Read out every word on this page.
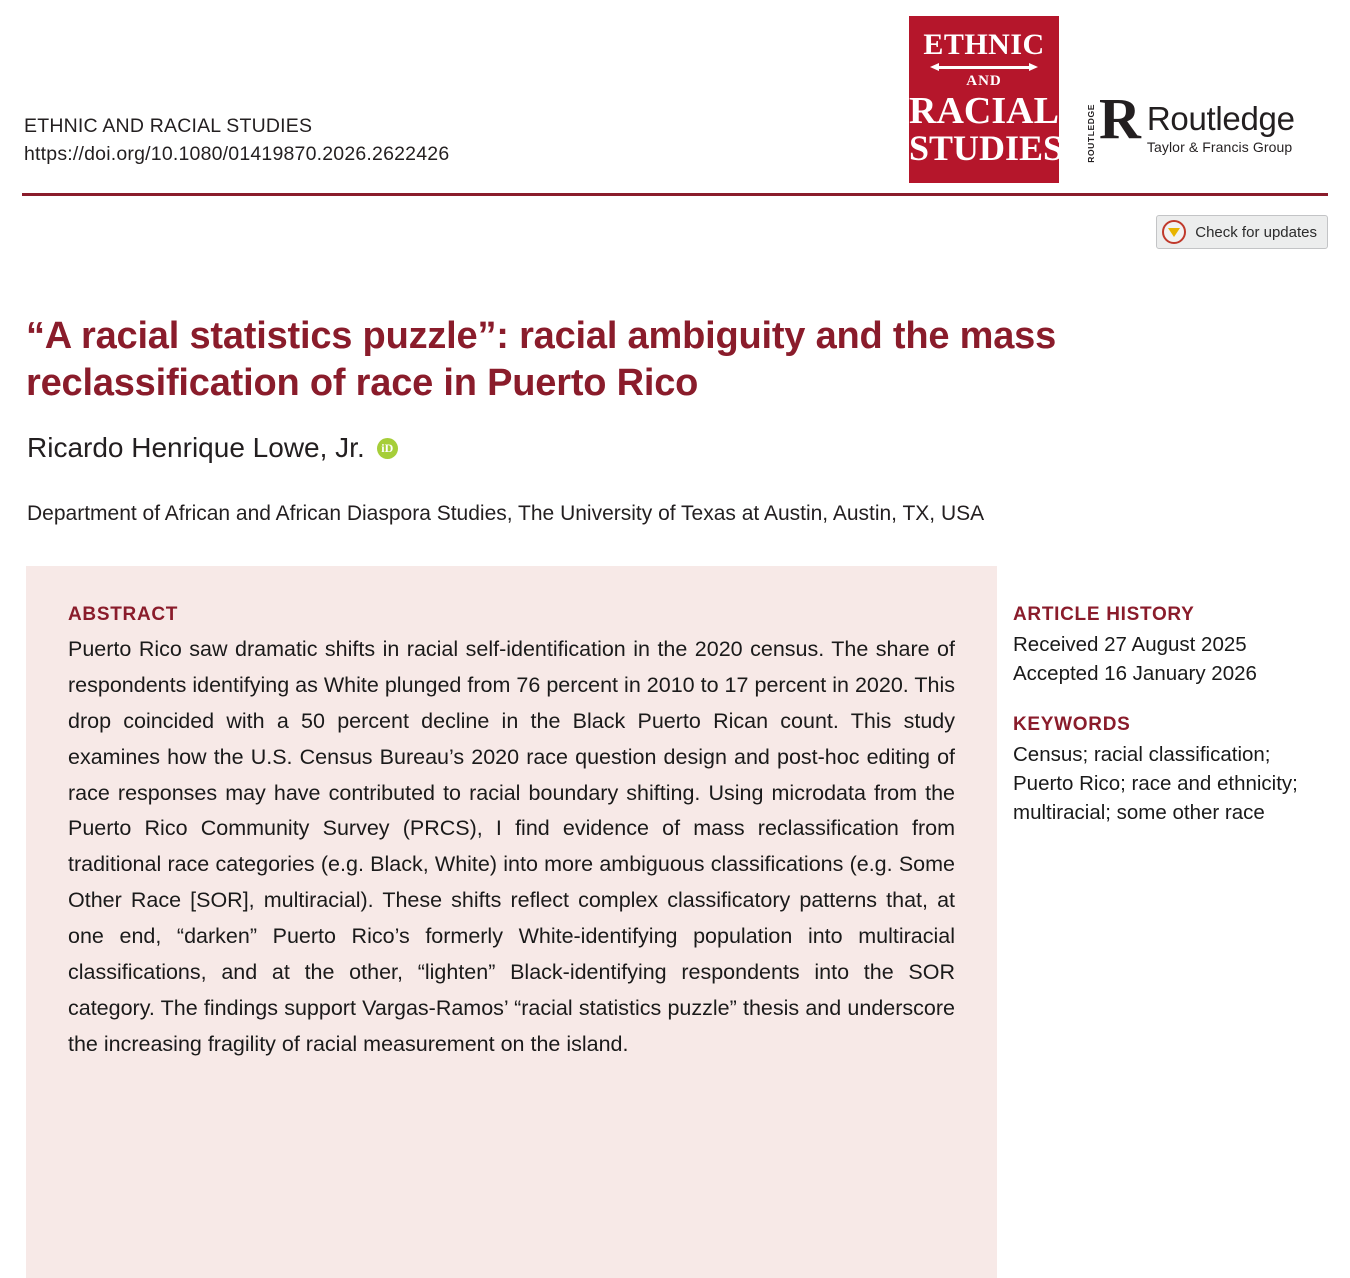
ETHNIC AND RACIAL STUDIES
https://doi.org/10.1080/01419870.2026.2622426
ETHNIC
AND
RACIAL
STUDIES	ROUTLEDGE R Routledge
Taylor & Francis Group
Check for updates
“A racial statistics puzzle”: racial ambiguity and the mass reclassification of race in Puerto Rico
Ricardo Henrique Lowe, Jr.	iD
Department of African and African Diaspora Studies, The University of Texas at Austin, Austin, TX, USA
ABSTRACT
Puerto Rico saw dramatic shifts in racial self-identification in the 2020 census. The share of respondents identifying as White plunged from 76 percent in 2010 to 17 percent in 2020. This drop coincided with a 50 percent decline in the Black Puerto Rican count. This study examines how the U.S. Census Bureau’s 2020 race question design and post-hoc editing of race responses may have contributed to racial boundary shifting. Using microdata from the Puerto Rico Community Survey (PRCS), I find evidence of mass reclassification from traditional race categories (e.g. Black, White) into more ambiguous classifications (e.g. Some Other Race [SOR], multiracial). These shifts reflect complex classificatory patterns that, at one end, “darken” Puerto Rico’s formerly White-identifying population into multiracial classifications, and at the other, “lighten” Black-identifying respondents into the SOR category. The findings support Vargas-Ramos’ “racial statistics puzzle” thesis and underscore the increasing fragility of racial measurement on the island.
ARTICLE HISTORY
Received 27 August 2025
Accepted 16 January 2026
KEYWORDS
Census; racial classification; Puerto Rico; race and ethnicity; multiracial; some other race
